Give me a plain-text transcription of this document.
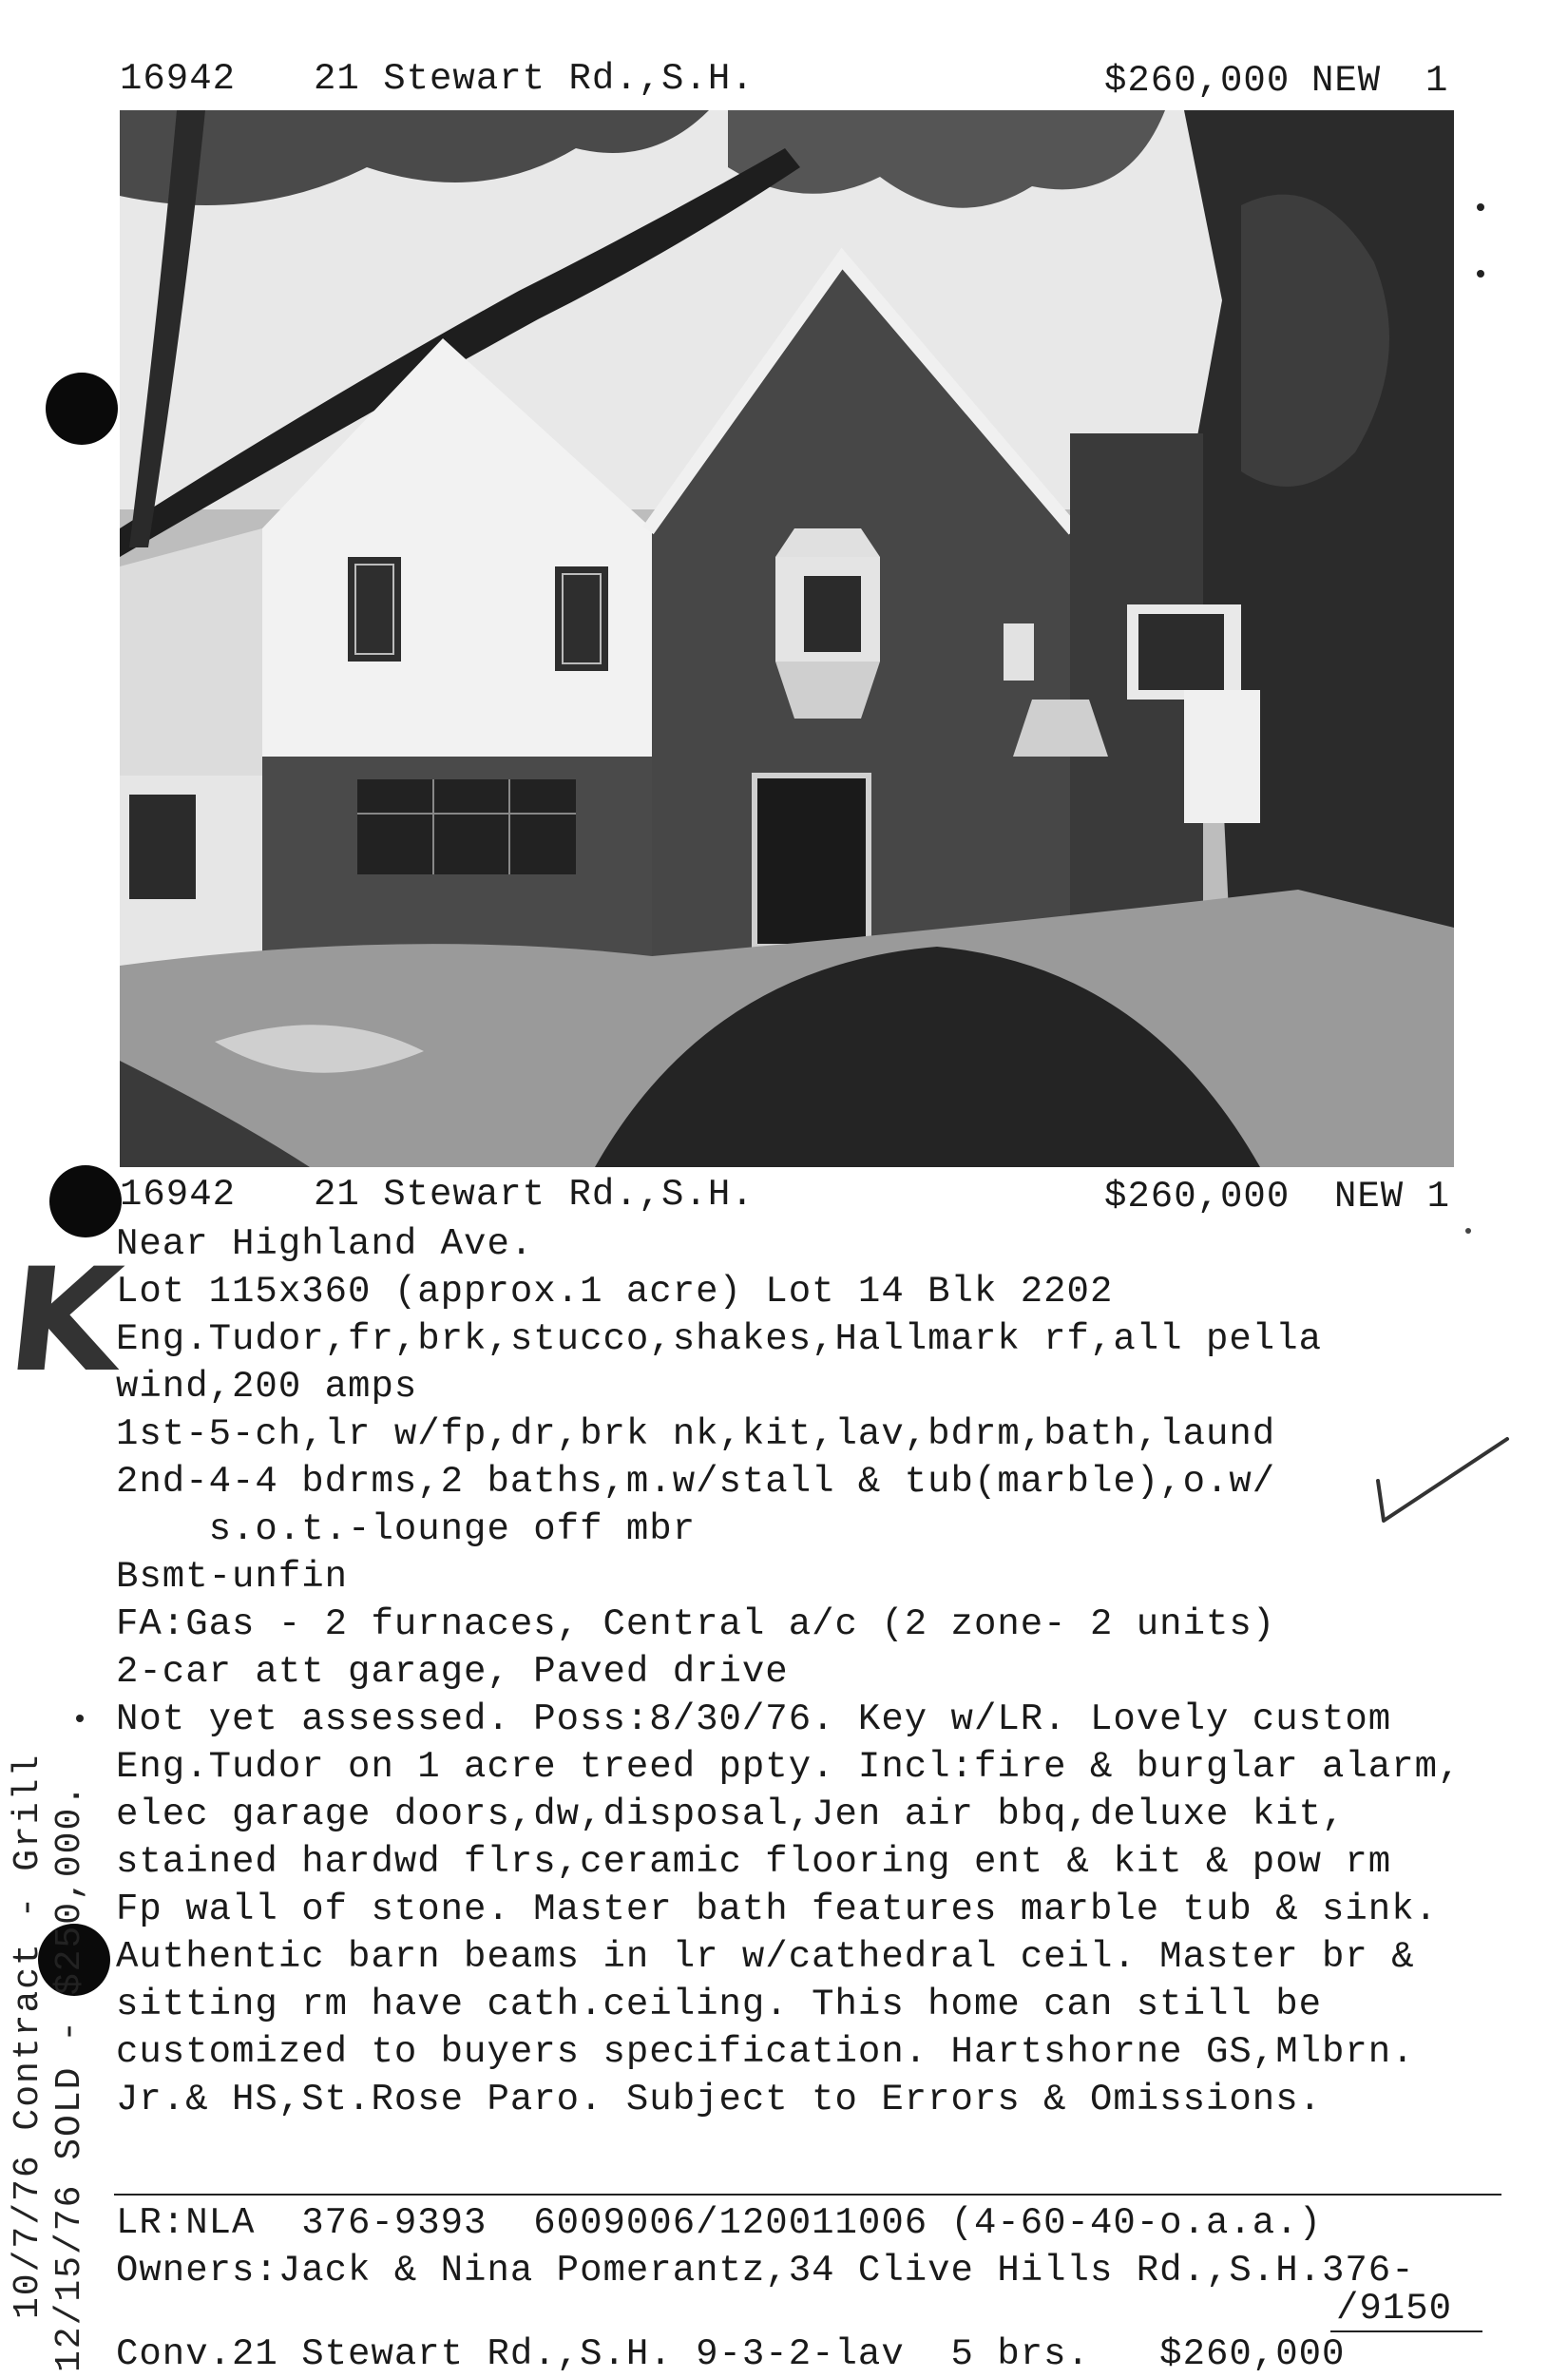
16942 21 Stewart Rd.,S.H.	$260,000 NEW 1
16942 21 Stewart Rd.,S.H.	$260,000 NEW 1
Near Highland Ave.
Lot 115x360 (approx.1 acre) Lot 14 Blk 2202
Eng.Tudor,fr,brk,stucco,shakes,Hallmark rf,all pella
wind,200 amps
1st-5-ch,lr w/fp,dr,brk nk,kit,lav,bdrm,bath,laund
2nd-4-4 bdrms,2 baths,m.w/stall & tub(marble),o.w/
s.o.t.-lounge off mbr
Bsmt-unfin
FA:Gas - 2 furnaces, Central a/c (2 zone- 2 units)
2-car att garage, Paved drive
Not yet assessed. Poss:8/30/76. Key w/LR. Lovely custom
Eng.Tudor on 1 acre treed ppty. Incl:fire & burglar alarm,
elec garage doors,dw,disposal,Jen air bbq,deluxe kit,
stained hardwd flrs,ceramic flooring ent & kit & pow rm
Fp wall of stone. Master bath features marble tub & sink.
Authentic barn beams in lr w/cathedral ceil. Master br &
sitting rm have cath.ceiling. This home can still be
customized to buyers specification. Hartshorne GS,Mlbrn.
Jr.& HS,St.Rose Paro. Subject to Errors & Omissions.
LR:NLA  376-9393  6009006/120011006 (4-60-40-o.a.a.)
Owners:Jack & Nina Pomerantz,34 Clive Hills Rd.,S.H.376-
/9150
Conv.21 Stewart Rd.,S.H. 9-3-2-lav  5 brs.   $260,000
K
10/7/76 Contract - Grill 12/15/76 SOLD - $250,000.
